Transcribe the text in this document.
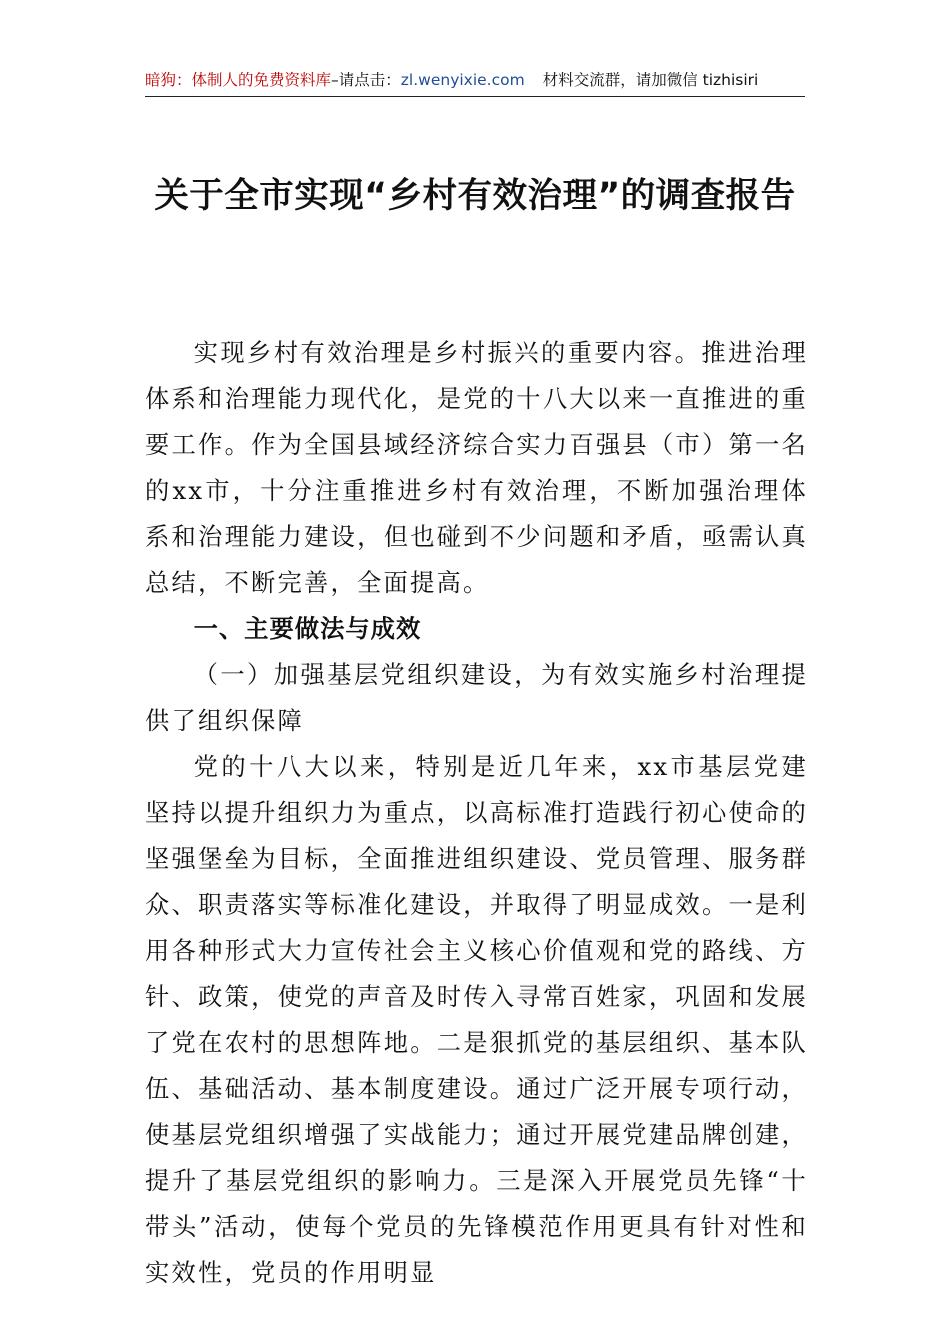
暗狗：体制人的免费资料库–请点击：zl.wenyixie.com 材料交流群，请加微信 tizhisiri
关于全市实现“乡村有效治理”的调查报告

实现乡村有效治理是乡村振兴的重要内容。推进治理体系和治理能力现代化，是党的十八大以来一直推进的重要工作。作为全国县域经济综合实力百强县（市）第一名的xx市，十分注重推进乡村有效治理，不断加强治理体系和治理能力建设，但也碰到不少问题和矛盾，亟需认真总结，不断完善，全面提高。

一、主要做法与成效

（一）加强基层党组织建设，为有效实施乡村治理提供了组织保障

党的十八大以来，特别是近几年来，xx市基层党建坚持以提升组织力为重点，以高标准打造践行初心使命的坚强堡垒为目标，全面推进组织建设、党员管理、服务群众、职责落实等标准化建设，并取得了明显成效。一是利用各种形式大力宣传社会主义核心价值观和党的路线、方针、政策，使党的声音及时传入寻常百姓家，巩固和发展了党在农村的思想阵地。二是狠抓党的基层组织、基本队伍、基础活动、基本制度建设。通过广泛开展专项行动，使基层党组织增强了实战能力；通过开展党建品牌创建，提升了基层党组织的影响力。三是深入开展党员先锋“十带头”活动，使每个党员的先锋模范作用更具有针对性和实效性，党员的作用明显
